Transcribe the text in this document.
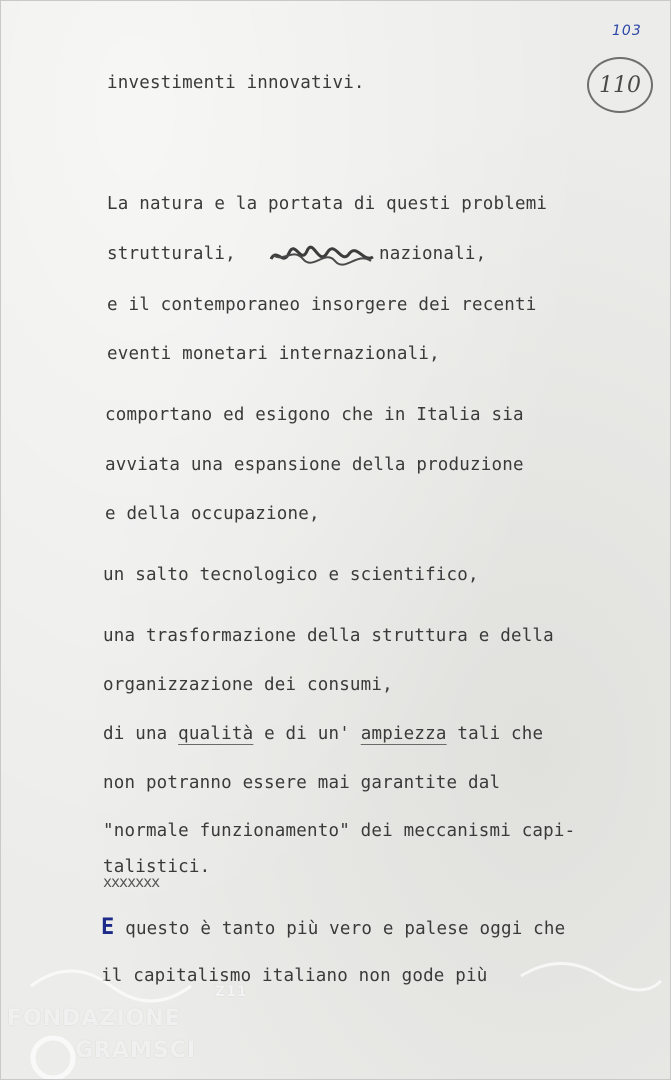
103
110
investimenti innovativi.
La natura e la portata di questi problemi
strutturali,	nazionali,
e il contemporaneo insorgere dei recenti
eventi monetari internazionali,
comportano ed esigono che in Italia sia
avviata una espansione della produzione
e della occupazione,
un salto tecnologico e scientifico,
una trasformazione della struttura e della
organizzazione dei consumi,
di una qualità e di un' ampiezza tali che
non potranno essere mai garantite dal
"normale funzionamento" dei meccanismi capi-
talistici.
xxxxxxx
E questo è tanto più vero e palese oggi che
il capitalismo italiano non gode più
FONDAZIONE
GRAMSCI
Z11
